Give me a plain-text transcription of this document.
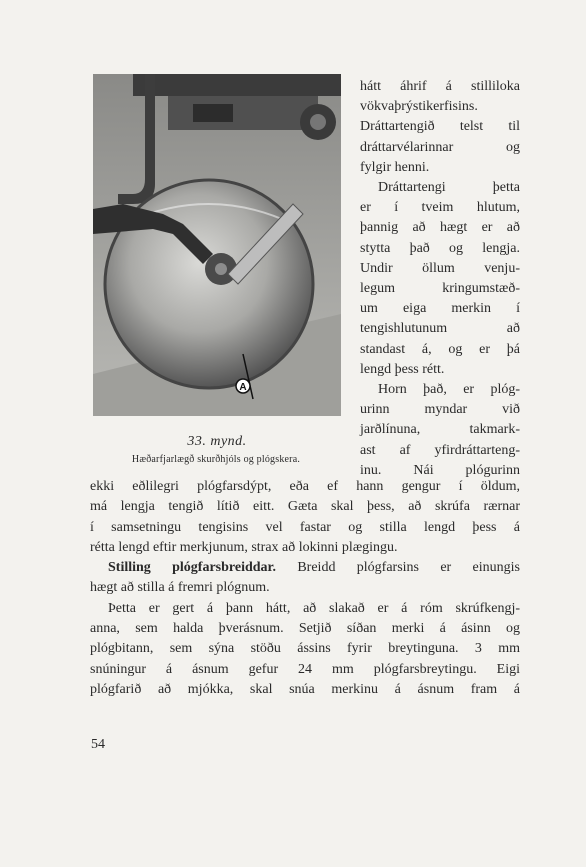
A
33. mynd.
Hæðarfjarlægð skurðhjóls og plógskera.
hátt áhrif á stilliloka
vökvaþrýstikerfisins.
Dráttartengið telst til
dráttarvélarinnar og
fylgir henni.
Dráttartengi þetta
er í tveim hlutum,
þannig að hægt er að
stytta það og lengja.
Undir öllum venju-
legum kringumstæð-
um eiga merkin í
tengishlutunum að
standast á, og er þá
lengd þess rétt.
Horn það, er plóg-
urinn myndar við
jarðlínuna, takmark-
ast af yfirdráttarteng-
inu. Nái plógurinn
ekki eðlilegri plógfarsdýpt, eða ef hann gengur í öldum,
má lengja tengið lítið eitt. Gæta skal þess, að skrúfa rærnar
í samsetningu tengisins vel fastar og stilla lengd þess á
rétta lengd eftir merkjunum, strax að lokinni plægingu.
Stilling plógfarsbreiddar. Breidd plógfarsins er einungis
hægt að stilla á fremri plógnum.
Þetta er gert á þann hátt, að slakað er á róm skrúfkengj-
anna, sem halda þverásnum. Setjið síðan merki á ásinn og
plógbitann, sem sýna stöðu ássins fyrir breytinguna. 3 mm
snúningur á ásnum gefur 24 mm plógfarsbreytingu. Eigi
plógfarið að mjókka, skal snúa merkinu á ásnum fram á
54
